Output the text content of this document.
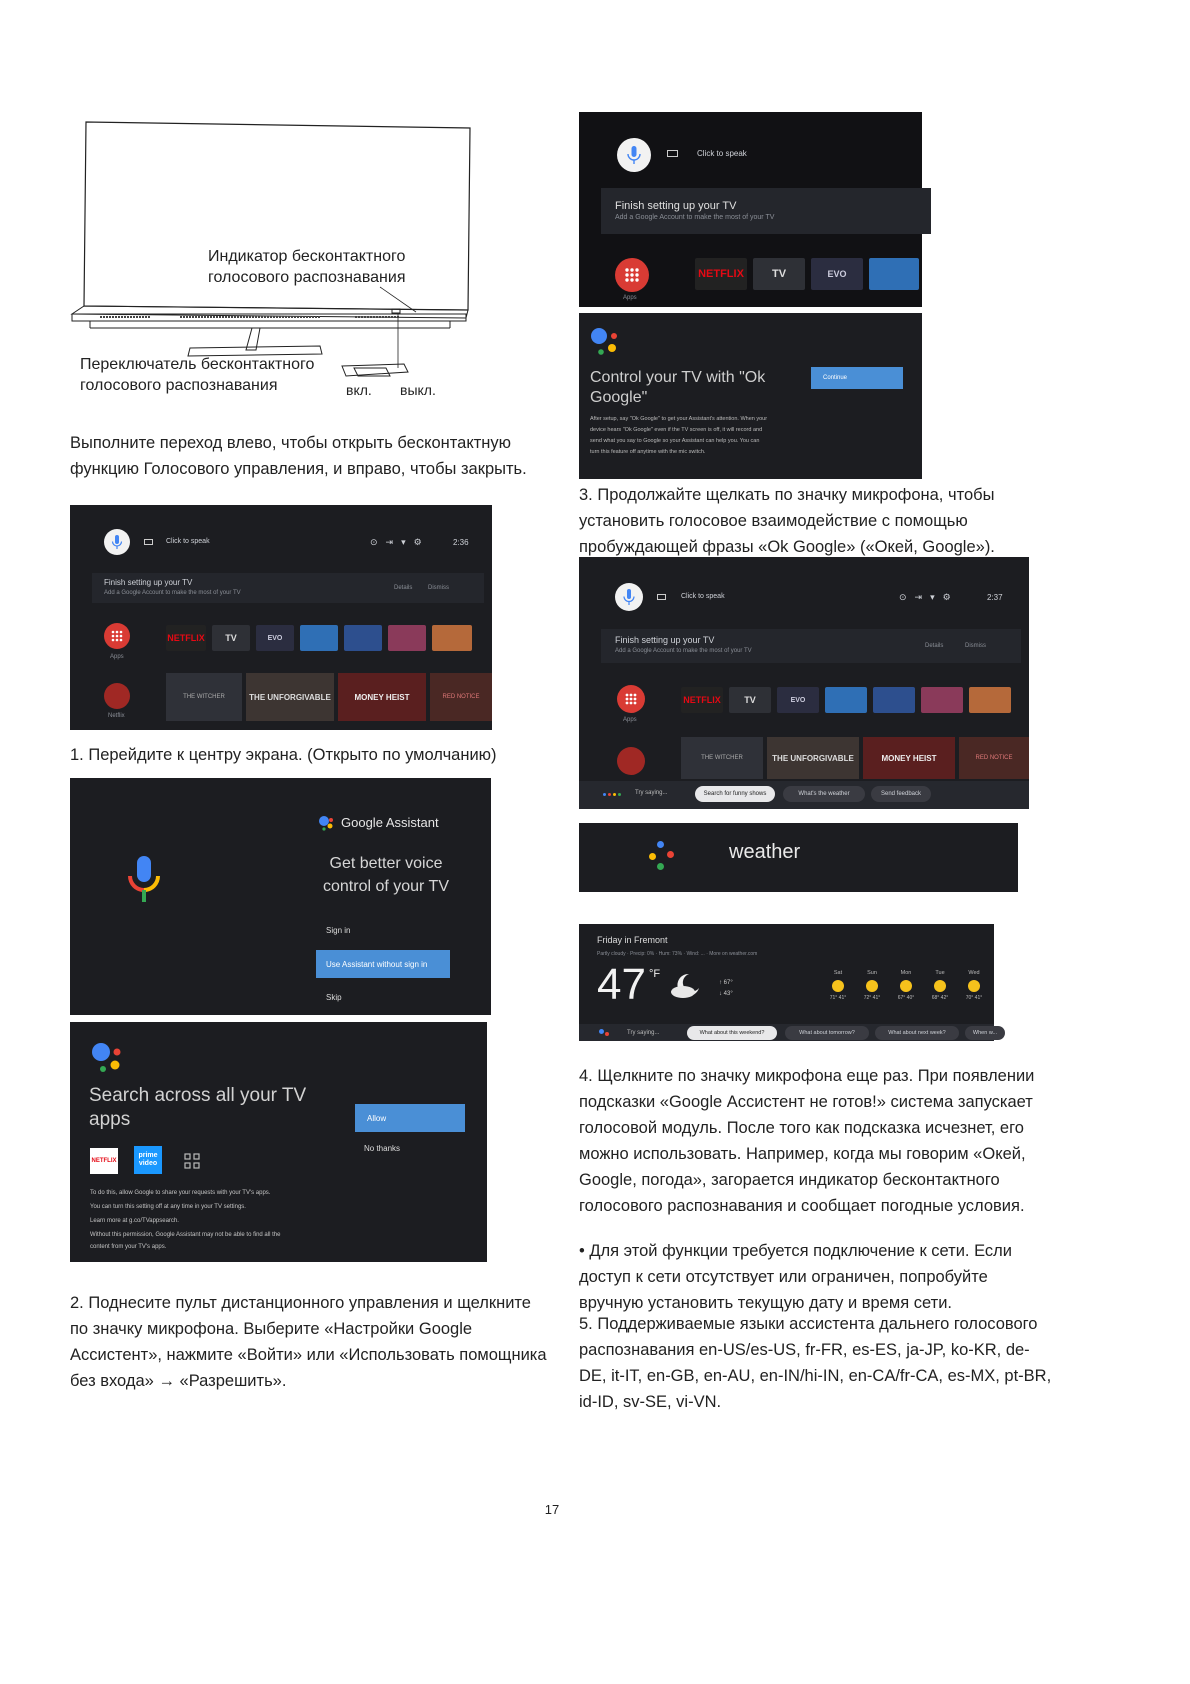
Индикатор бесконтактного голосового распознавания
Переключатель бесконтактного голосового распознавания	вкл. выкл.

Выполните переход влево, чтобы открыть бесконтактную функцию Голосового управления, и вправо, чтобы закрыть.

Click to speak	⊙⇥▾⚙	2:36
Finish setting up your TV
Add a Google Account to make the most of your TV
Details	Dismiss
Apps
NETFLIX	TV	EVO
Netflix
THE WITCHER	THE UNFORGIVABLE	MONEY HEIST	RED NOTICE

1. Перейдите к центру экрана. (Открыто по умолчанию)

Google Assistant
Get better voice control of your TV
Sign in
Use Assistant without sign in
Skip
Search across all your TV apps	Allow
No thanks
NETFLIX
prime video
To do this, allow Google to share your requests with your TV's apps.
You can turn this setting off at any time in your TV settings.
Learn more at g.co/TVappsearch.
Without this permission, Google Assistant may not be able to find all the
content from your TV's apps.

2. Поднесите пульт дистанционного управления и щелкните по значку микрофона. Выберите «Настройки Google Ассистент», нажмите «Войти» или «Использовать помощника без входа» → «Разрешить».

Click to speak
Finish setting up your TV
Add a Google Account to make the most of your TV
Apps
NETFLIX	TV	EVO
Control your TV with "Ok Google"
Continue
After setup, say "Ok Google" to get your Assistant's attention. When your
device hears "Ok Google" even if the TV screen is off, it will record and
send what you say to Google so your Assistant can help you. You can
turn this feature off anytime with the mic switch.

3. Продолжайте щелкать по значку микрофона, чтобы установить голосовое взаимодействие с помощью пробуждающей фразы «Ok Google» («Окей, Google»).

Click to speak	⊙⇥▾⚙	2:37
Finish setting up your TV
Add a Google Account to make the most of your TV
Details	Dismiss
Apps
NETFLIX	TV	EVO
THE WITCHER	THE UNFORGIVABLE	MONEY HEIST	RED NOTICE
Try saying...	Search for funny shows	What's the weather	Send feedback
weather
Friday in Fremont
Partly cloudy · Precip: 0% · Hum: 73% · Wind: ... · More on weather.com
47 °F
↑ 67°
↓ 43°
Sat
71° 41°
Sun
72° 41°
Mon
67° 40°
Tue
68° 42°
Wed
70° 41°
Try saying...	What about this weekend?	What about tomorrow?	What about next week?	When w...

4. Щелкните по значку микрофона еще раз. При появлении подсказки «Google Ассистент не готов!» система запускает голосовой модуль. После того как подсказка исчезнет, его можно использовать. Например, когда мы говорим «Окей, Google, погода», загорается индикатор бесконтактного голосового распознавания и сообщает погодные условия.

• Для этой функции требуется подключение к сети. Если доступ к сети отсутствует или ограничен, попробуйте вручную установить текущую дату и время сети.

5. Поддерживаемые языки ассистента дальнего голосового распознавания en-US/es-US, fr-FR, es-ES, ja-JP, ko-KR, de-DE, it-IT, en-GB, en-AU, en-IN/hi-IN, en-CA/fr-CA, es-MX, pt-BR, id-ID, sv-SE, vi-VN.

17
